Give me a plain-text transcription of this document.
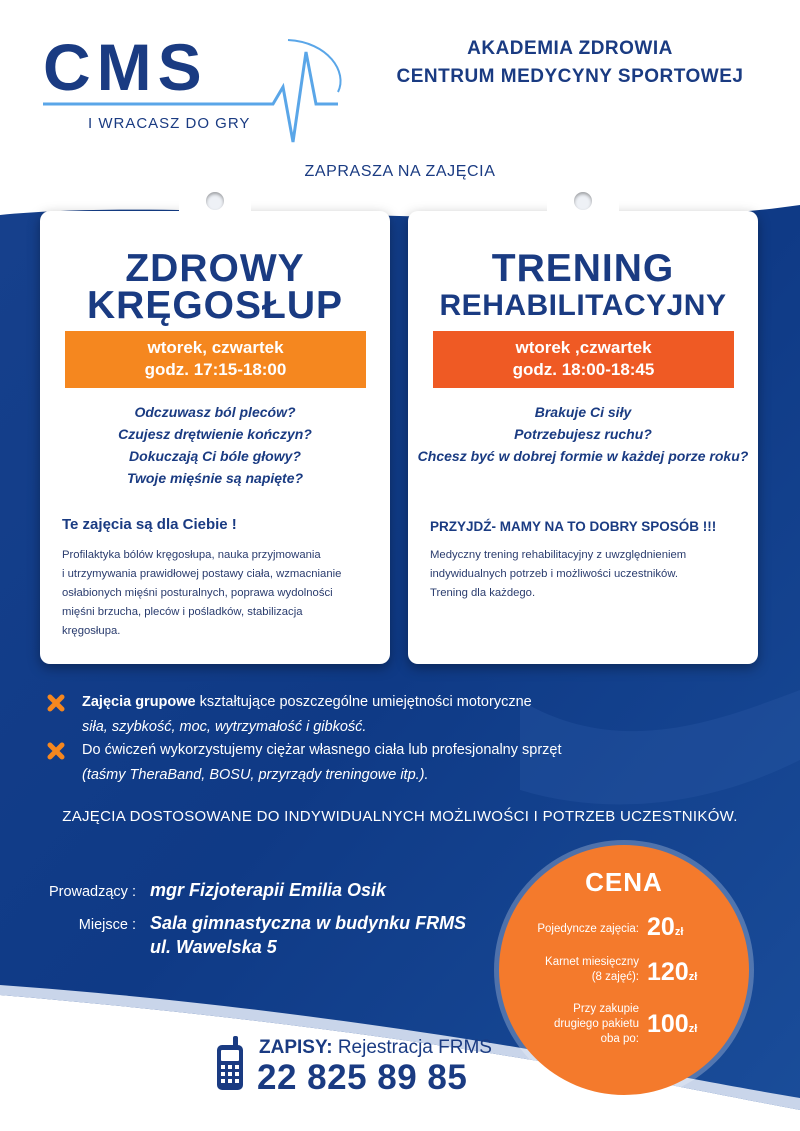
CMS
I WRACASZ DO GRY
AKADEMIA ZDROWIA
CENTRUM MEDYCYNY SPORTOWEJ
ZAPRASZA NA ZAJĘCIA
ZDROWY
KRĘGOSŁUP
wtorek, czwartek
godz. 17:15-18:00
Odczuwasz ból pleców?
Czujesz drętwienie kończyn?
Dokuczają Ci bóle głowy?
Twoje mięśnie są napięte?
Te zajęcia są dla Ciebie !
Profilaktyka bólów kręgosłupa, nauka przyjmowania
i utrzymywania prawidłowej postawy ciała, wzmacnianie
osłabionych mięśni posturalnych, poprawa wydolności
mięśni brzucha, pleców i pośladków, stabilizacja
kręgosłupa.
TRENING
REHABILITACYJNY
wtorek ,czwartek
godz. 18:00-18:45
Brakuje Ci siły
Potrzebujesz ruchu?
Chcesz być w dobrej formie w każdej porze roku?
PRZYJDŹ- MAMY NA TO DOBRY SPOSÓB !!!
Medyczny trening rehabilitacyjny z uwzględnieniem
indywidualnych potrzeb i możliwości uczestników.
Trening dla każdego.
Zajęcia grupowe kształtujące poszczególne umiejętności motoryczne
siła, szybkość, moc, wytrzymałość i gibkość.
Do ćwiczeń wykorzystujemy ciężar własnego ciała lub profesjonalny sprzęt
(taśmy TheraBand, BOSU, przyrządy treningowe itp.).
ZAJĘCIA DOSTOSOWANE DO INDYWIDUALNYCH MOŻLIWOŚCI I POTRZEB UCZESTNIKÓW.
Prowadzący : mgr Fizjoterapii Emilia Osik
Miejsce : Sala gimnastyczna w budynku FRMS
ul. Wawelska 5
CENA
Pojedyncze zajęcia: 20zł
Karnet miesięczny
(8 zajęć): 120zł
Przy zakupie
drugiego pakietu
oba po:
100zł
ZAPISY: Rejestracja FRMS
22 825 89 85
